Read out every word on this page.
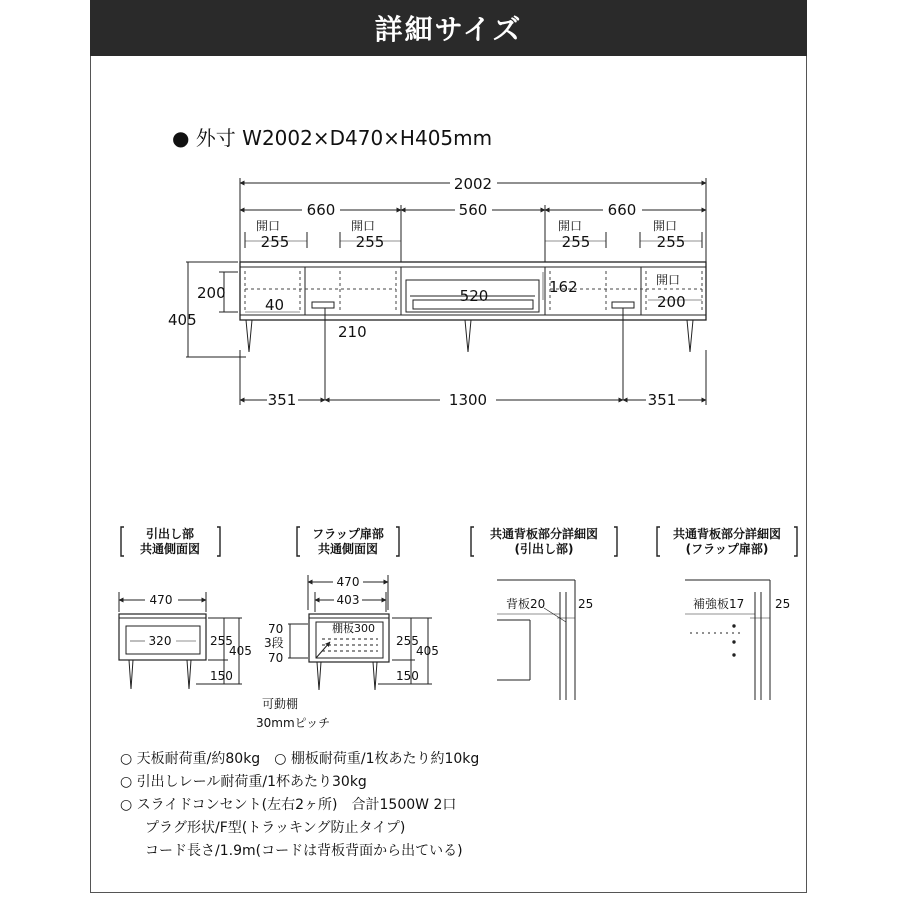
詳細サイズ
● 外寸 W2002×D470×H405mm
2002
660	560	660
開口	開口	開口	開口
255	255	255	255
200
405
40
210
520	162	開口
200
351	1300	351
引出し部
共通側面図
フラップ扉部
共通側面図
共通背板部分詳細図
(引出し部)
共通背板部分詳細図
(フラップ扉部)
470
320	255
405
150
470
403
棚板300
70
3段
70
255
405
150
可動棚
30mmピッチ
背板20	25	補強板17	25
○ 天板耐荷重/約80kg　○ 棚板耐荷重/1枚あたり約10kg
○ 引出しレール耐荷重/1杯あたり30kg
○ スライドコンセント(左右2ヶ所)　合計1500W 2口
プラグ形状/F型(トラッキング防止タイプ)
コード長さ/1.9m(コードは背板背面から出ている)
